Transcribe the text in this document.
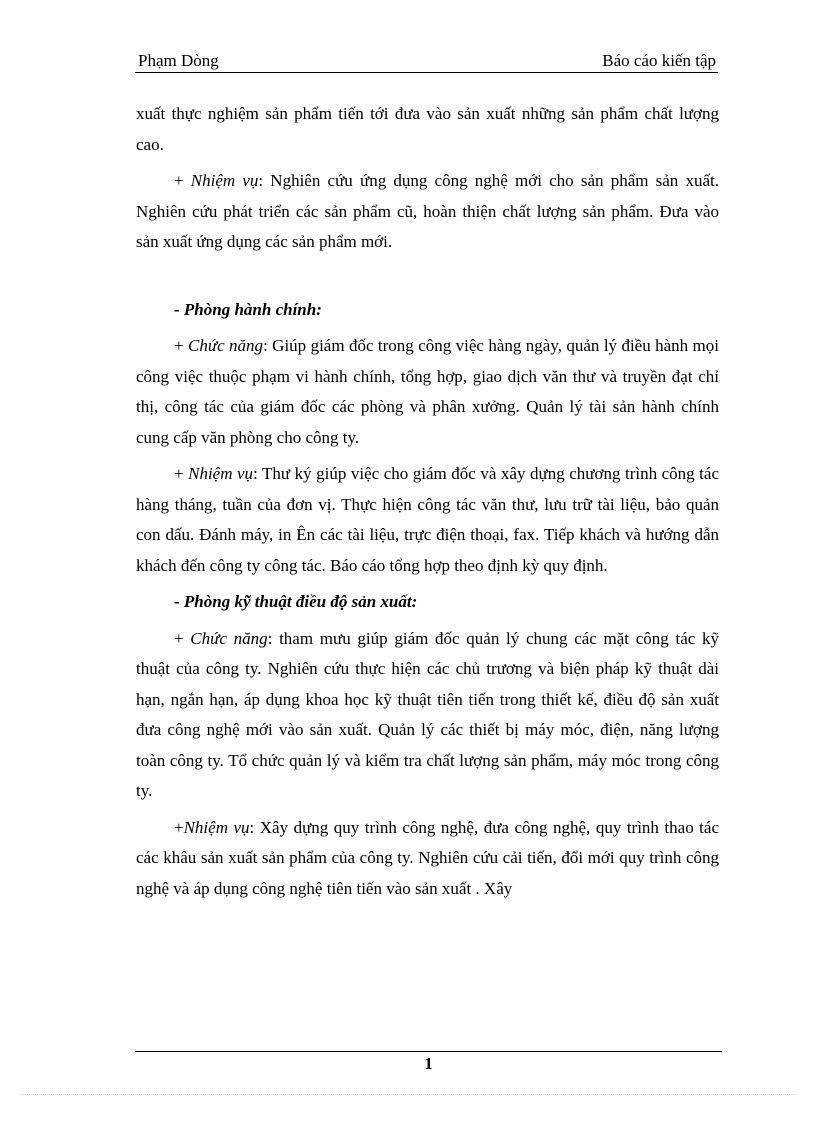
Phạm Dòng	Báo cáo kiến tập

xuất thực nghiệm sản phẩm tiến tới đưa vào sản xuất những sản phẩm chất lượng cao.

+ Nhiệm vụ: Nghiên cứu ứng dụng công nghệ mới cho sản phẩm sản xuất. Nghiên cứu phát triển các sản phẩm cũ, hoàn thiện chất lượng sản phẩm. Đưa vào sản xuất ứng dụng các sản phẩm mới.

- Phòng hành chính:

+ Chức năng: Giúp giám đốc trong công việc hàng ngày, quản lý điều hành mọi công việc thuộc phạm vi hành chính, tổng hợp, giao dịch văn thư và truyền đạt chỉ thị, công tác của giám đốc các phòng và phân xưởng. Quản lý tài sản hành chính cung cấp văn phòng cho công ty.

+ Nhiệm vụ: Thư ký giúp việc cho giám đốc và xây dựng chương trình công tác hàng tháng, tuần của đơn vị. Thực hiện công tác văn thư, lưu trữ tài liệu, bảo quản con dấu. Đánh máy, in Ên các tài liệu, trực điện thoại, fax. Tiếp khách và hướng dẫn khách đến công ty công tác. Báo cáo tổng hợp theo định kỳ quy định.

- Phòng kỹ thuật điều độ sản xuất:

+ Chức năng: tham mưu giúp giám đốc quản lý chung các mặt công tác kỹ thuật của công ty. Nghiên cứu thực hiện các chủ trương và biện pháp kỹ thuật dài hạn, ngắn hạn, áp dụng khoa học kỹ thuật tiên tiến trong thiết kế, điều độ sản xuất đưa công nghệ mới vào sản xuất. Quản lý các thiết bị máy móc, điện, năng lượng toàn công ty. Tổ chức quản lý và kiểm tra chất lượng sản phẩm, máy móc trong công ty.

+Nhiệm vụ: Xây dựng quy trình công nghệ, đưa công nghệ, quy trình thao tác các khâu sản xuất sản phẩm của công ty. Nghiên cứu cải tiến, đổi mới quy trình công nghệ và áp dụng công nghệ tiên tiến vào sản xuất . Xây

1
